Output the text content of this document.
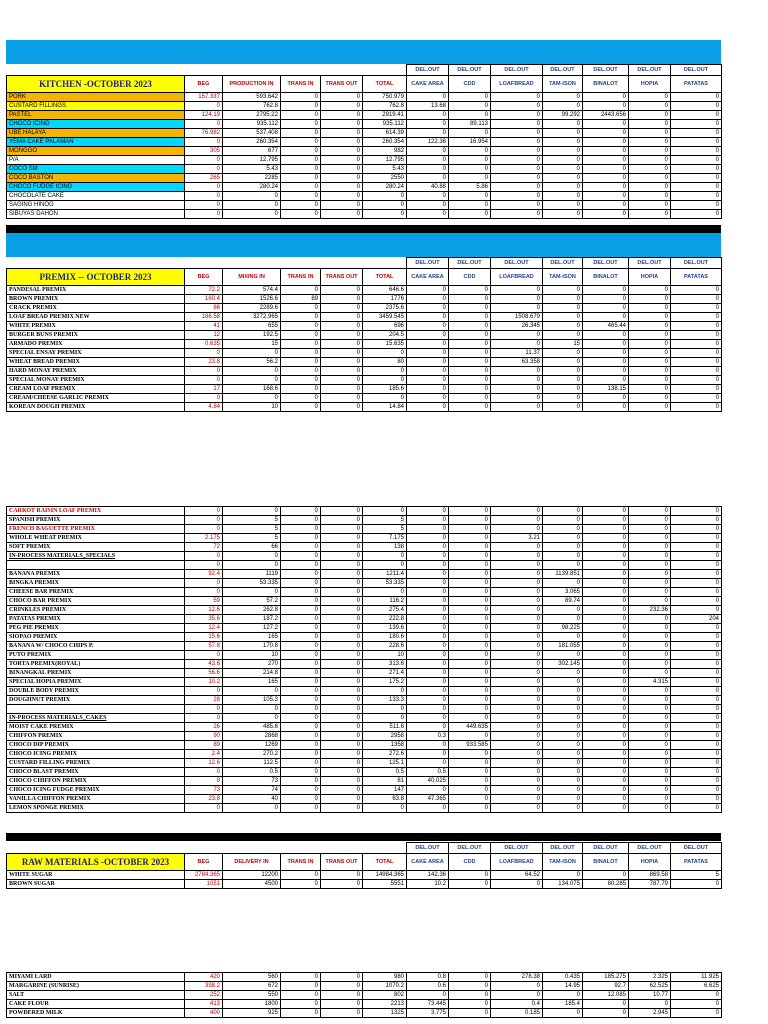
						DEL.OUT	DEL.OUT	DEL.OUT	DEL.OUT	DEL.OUT	DEL.OUT	DEL.OUT
KITCHEN -OCTOBER 2023	BEG	PRODUCTION IN	TRANS IN	TRANS OUT	TOTAL	CAKE AREA	CDD	LOAFBREAD	TAM-ISON	BINALOT	HOPIA	PATATAS
PORK	157.337	593.642	0	0	750.979	0	0	0	0	0	0	0
CUSTARD FILLINGS	0	762.8	0	0	762.8	13.68	0	0	0	0	0	0
PASTEL	124.19	2795.22	0	0	2919.41	0	0	0	99.292	2443.656	0	0
CHOCO ICING	0	935.112	0	0	935.112	0	89.113	0	0	0	0	0
UBE HALAYA	76.982	537.408	0	0	614.39	0	0	0	0	0	0	0
YEMA CAKE PALAMAN	0	260.354	0	0	260.354	122.36	16.954	0	0	0	0	0
MONGGO	305	677	0	0	982	0	0	0	0	0	0	0
P/A	0	12.795	0	0	12.795	0	0	0	0	0	0	0
COCO SM	0	5.43	0	0	5.43	0	0	0	0	0	0	0
COCO BASTON	265	2285	0	0	2550	0	0	0	0	0	0	0
CHOCO FUDGE ICING	0	280.24	0	0	280.24	40.88	5.86	0	0	0	0	0
CHOCOLATE CAKE	0	0	0	0	0	0	0	0	0	0	0	0
SAGING HINOG	0	0	0	0	0	0	0	0	0	0	0	0
SIBUYAS DAHON	0	0	0	0	0	0	0	0	0	0	0	0
						DEL.OUT	DEL.OUT	DEL.OUT	DEL.OUT	DEL.OUT	DEL.OUT	DEL.OUT
PREMIX -- OCTOBER 2023	BEG	MIXING IN	TRANS IN	TRANS OUT	TOTAL	CAKE AREA	CDD	LOAFBREAD	TAM-ISON	BINALOT	HOPIA	PATATAS
PANDESAL PREMIX	72.2	574.4	0	0	646.6	0	0	0	0	0	0	0
BROWN PREMIX	160.4	1526.6	89	0	1776	0	0	0	0	0	0	0
CRACK PREMIX	86	2289.6	0	0	2375.6	0	0	0	0	0	0	0
LOAF BREAD PREMIX NEW	186.58	3272.965	0	0	3459.545	0	0	1508.679	0	0	0	0
WHITE PREMIX	41	655	0	0	696	0	0	26.345	0	465.44	0	0
BURGER BUNS PREMIX	12	192.5	0	0	204.5	0	0	0	0	0	0	0
ARMADO PREMIX	0.635	15	0	0	15.635	0	0	0	15	0	0	0
SPECIAL ENSAY PREMIX	0	0	0	0	0	0	0	11.37	0	0	0	0
WHEAT BREAD PREMIX	23.8	56.2	0	0	80	0	0	63.358	0	0	0	0
HARD MONAY PREMIX	0	0	0	0	0	0	0	0	0	0	0	0
SPECIAL MONAY PREMIX	0	0	0	0	0	0	0	0	0	0	0	0
CREAM LOAF PREMIX	17	168.6	0	0	185.6	0	0	0	0	138.15	0	0
CREAM/CHEESE GARLIC PREMIX	0	0	0	0	0	0	0	0	0	0	0	0
KOREAN DOUGH PREMIX	4.84	10	0	0	14.84	0	0	0	0	0	0	0
CARROT RAISIN LOAF PREMIX	0	0	0	0	0	0	0	0	0	0	0	0
SPANISH PREMIX	0	5	0	0	5	0	0	0	0	0	0	0
FRENCH BAGUETTE PREMIX	0	5	0	0	5	0	0	0	0	0	0	0
WHOLE WHEAT PREMIX	2.175	5	0	0	7.175	0	0	3.21	0	0	0	0
SOFT PREMIX	72	66	0	0	138	0	0	0	0	0	0	0
IN-PROCESS MATERIALS_SPECIALS	0	0	0	0	0	0	0	0	0	0	0	0
	0	0	0	0	0	0	0	0	0	0	0	0
BANANA PREMIX	92.4	1119	0	0	1211.4	0	0	0	1139.851	0	0	0
BINGKA PREMIX	0	53.335	0	0	53.335	0	0	0	0	0	0	0
CHEESE BAR PREMIX	0	0	0	0	0	0	0	0	3.065	0	0	0
CHOCO BAR PREMIX	59	57.2	0	0	116.2	0	0	0	89.74	0	0	0
CRINKLES PREMIX	12.6	262.8	0	0	275.4	0	0	0	0	0	232.36	0
PATATAS PREMIX	35.6	187.2	0	0	222.8	0	0	0	0	0	0	204
PEG PIE PREMIX	12.4	127.2	0	0	139.6	0	0	0	98.225	0	0	0
SIOPAO PREMIX	15.6	165	0	0	180.6	0	0	0	0	0	0	0
BANANA W/ CHOCO CHIPS P.	57.8	170.8	0	0	228.6	0	0	0	181.055	0	0	0
PUTO PREMIX	0	10	0	0	10	0	0	0	0	0	0	0
TORTA PREMIX(ROYAL)	43.6	270	0	0	313.6	0	0	0	302.145	0	0	0
BINANGKAL PREMIX	56.6	214.8	0	0	271.4	0	0	0	0	0	0	0
SPECIAL HOPIA PREMIX	10.2	165	0	0	175.2	0	0	0	0	0	4.315	0
DOUBLE BODY PREMIX	0	0	0	0	0	0	0	0	0	0	0	0
DOUGHNUT PREMIX	28	105.3	0	0	133.3	0	0	0	0	0	0	0
	0	0	0	0	0	0	0	0	0	0	0	0
IN-PROCESS MATERIALS_CAKES	0	0	0	0	0	0	0	0	0	0	0	0
MOIST CAKE PREMIX	26	485.6	0	0	511.6	0	449.635	0	0	0	0	0
CHIFFON PREMIX	90	2868	0	0	2958	0.3	0	0	0	0	0	0
CHOCO DIP PREMIX	89	1269	0	0	1358	0	933.585	0	0	0	0	0
CHOCO ICING PREMIX	2.4	270.2	0	0	272.6	0	0	0	0	0	0	0
CUSTARD FILLING PREMIX	12.6	112.5	0	0	125.1	0	0	0	0	0	0	0
CHOCO BLAST PREMIX	0	0.5	0	0	0.5	0.5	0	0	0	0	0	0
CHOCO CHIFFON PREMIX	8	73	0	0	81	40.025	0	0	0	0	0	0
CHOCO ICING FUDGE PREMIX	73	74	0	0	147	0	0	0	0	0	0	0
VANILLA CHIFFON PREMIX	23.8	40	0	0	63.8	47.365	0	0	0	0	0	0
LEMON SPONGE PREMIX	0	0	0	0	0	0	0	0	0	0	0	0
						DEL.OUT	DEL.OUT	DEL.OUT	DEL.OUT	DEL.OUT	DEL.OUT	DEL.OUT
RAW MATERIALS -OCTOBER 2023	BEG	DELIVERY IN	TRANS IN	TRANS OUT	TOTAL	CAKE AREA	CDD	LOAFBREAD	TAM-ISON	BINALOT	HOPIA	PATATAS
WHITE SUGAR	2784.365	12200	0	0	14984.365	142.36	0	64.52	0	0	869.58	5
BROWN SUGAR	1051	4500	0	0	5551	10.2	0	0	134.075	80.285	787.79	0
MIYAMI LARD	420	560	0	0	980	0.8	0	278.38	0.435	185.275	2.325	11.925
MARGARINE (SUNRISE)	398.2	672	0	0	1070.2	0.6	0	0	14.95	92.7	62.525	6.625
SALT	252	550	0	0	802	0	0	0	0	12.085	10.77	0
CAKE FLOUR	413	1800	0	0	2213	73.445	0	0.4	185.4	0	0	0
POWDERED MILK	400	925	0	0	1325	3.775	0	0.185	0	0	2.945	0
